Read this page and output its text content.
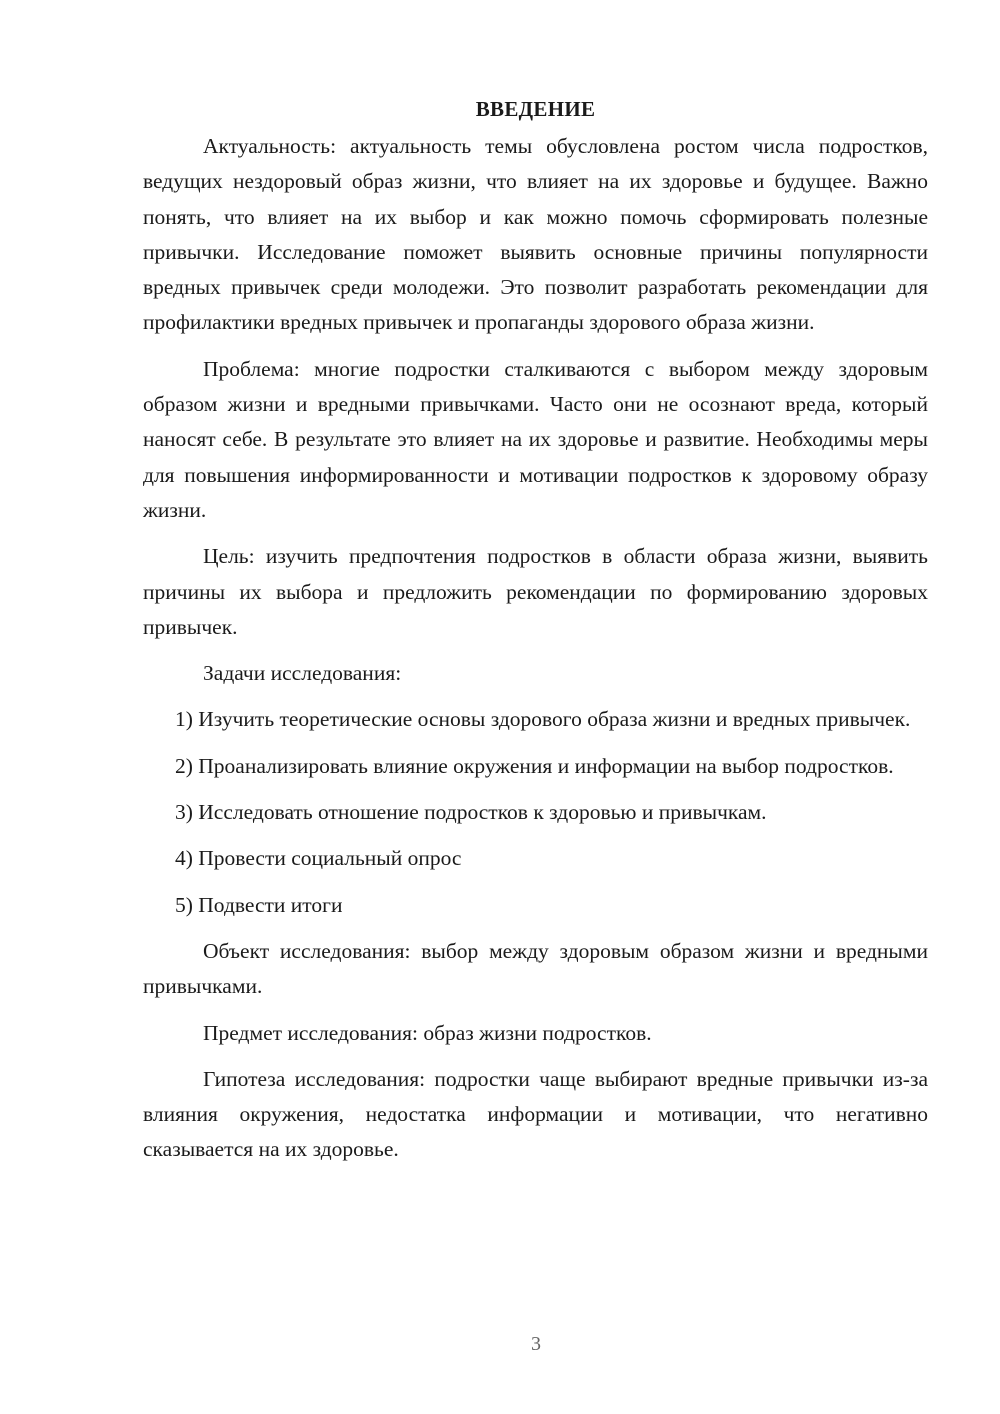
ВВЕДЕНИЕ

Актуальность: актуальность темы обусловлена ростом числа подростков, ведущих нездоровый образ жизни, что влияет на их здоровье и будущее. Важно понять, что влияет на их выбор и как можно помочь сформировать полезные привычки. Исследование поможет выявить основные причины популярности вредных привычек среди молодежи. Это позволит разработать рекомендации для профилактики вредных привычек и пропаганды здорового образа жизни.

Проблема: многие подростки сталкиваются с выбором между здоровым образом жизни и вредными привычками. Часто они не осознают вреда, который наносят себе. В результате это влияет на их здоровье и развитие. Необходимы меры для повышения информированности и мотивации подростков к здоровому образу жизни.

Цель: изучить предпочтения подростков в области образа жизни, выявить причины их выбора и предложить рекомендации по формированию здоровых привычек.

Задачи исследования:

1) Изучить теоретические основы здорового образа жизни и вредных привычек.

2) Проанализировать влияние окружения и информации на выбор подростков.

3) Исследовать отношение подростков к здоровью и привычкам.

4) Провести социальный опрос

5) Подвести итоги

Объект исследования: выбор между здоровым образом жизни и вредными привычками.

Предмет исследования: образ жизни подростков.

Гипотеза исследования: подростки чаще выбирают вредные привычки из-за влияния окружения, недостатка информации и мотивации, что негативно сказывается на их здоровье.

3
